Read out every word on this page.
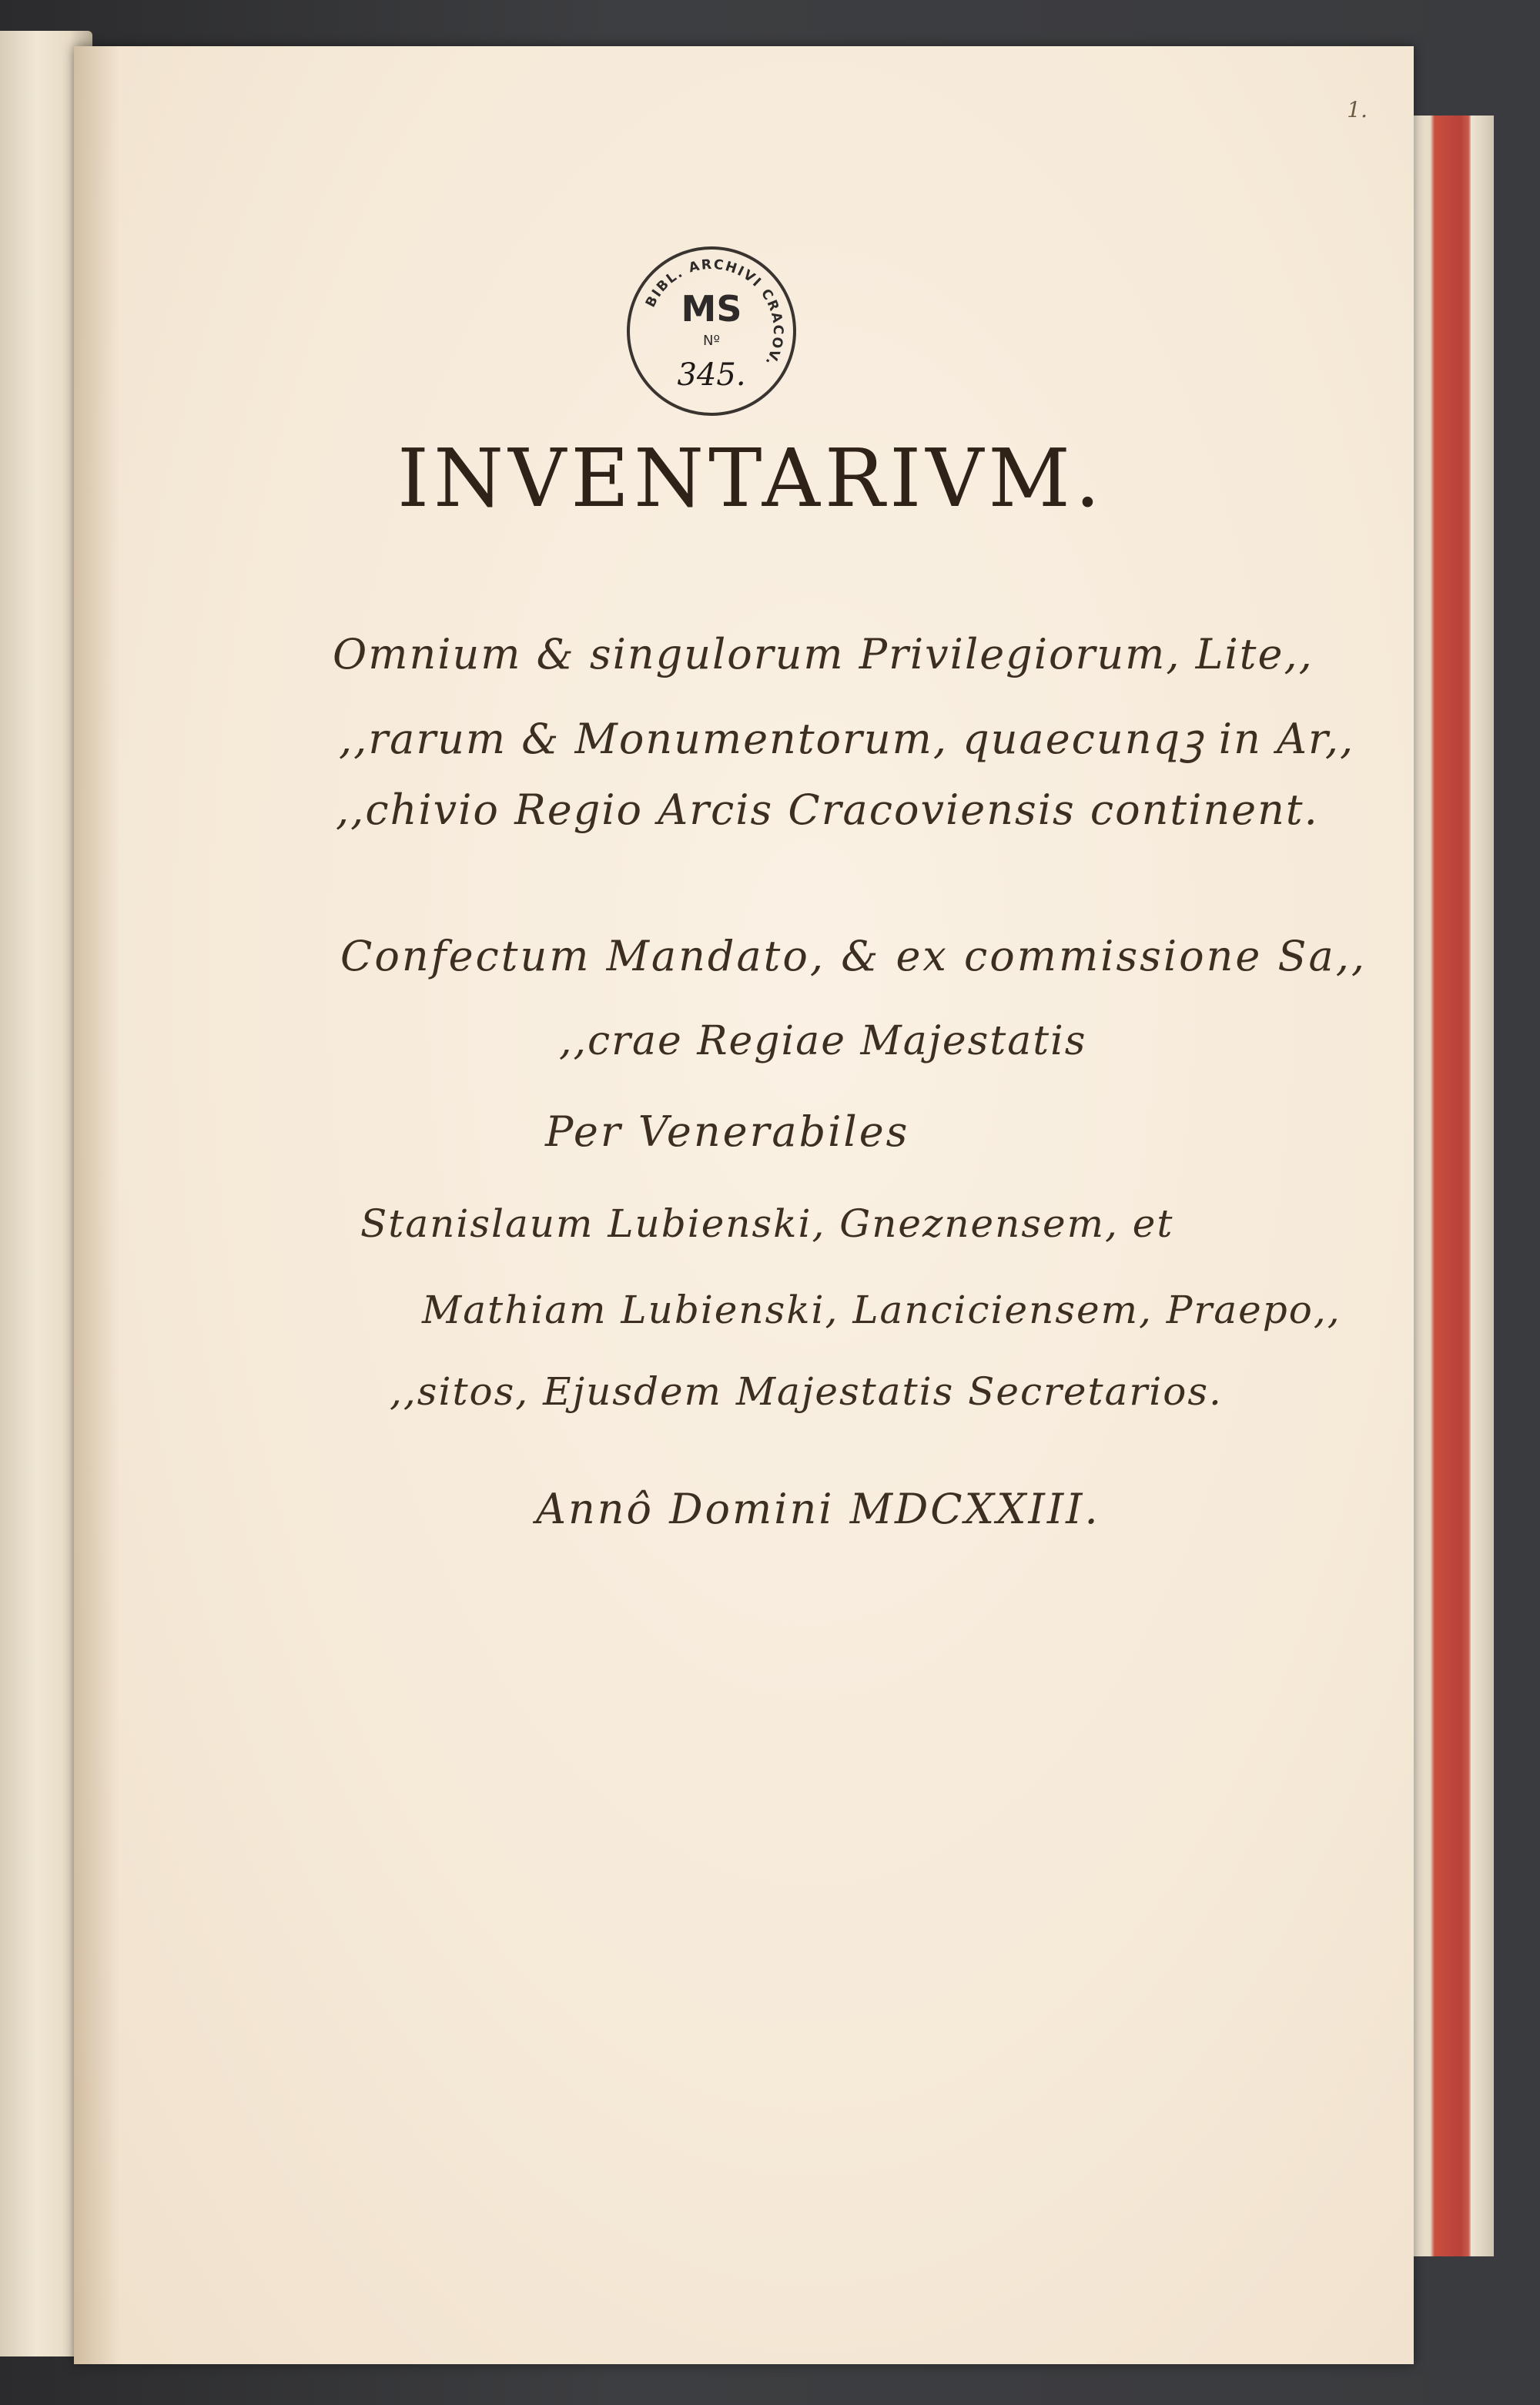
1.
BIBL. ARCHIVI CRACOV.
MS
Nº
345.
INVENTARIVM.
Omnium & singulorum Privilegiorum, Lite,,
,,rarum & Monumentorum, quaecunqꝫ in Ar,,
,,chivio Regio Arcis Cracoviensis continent.
Confectum Mandato, & ex commissione Sa,,
,,crae Regiae Majestatis
Per Venerabiles
Stanislaum Lubienski, Gneznensem, et
Mathiam Lubienski, Lanciciensem, Praepo,,
,,sitos, Ejusdem Majestatis Secretarios.
Annô Domini MDCXXIII.
